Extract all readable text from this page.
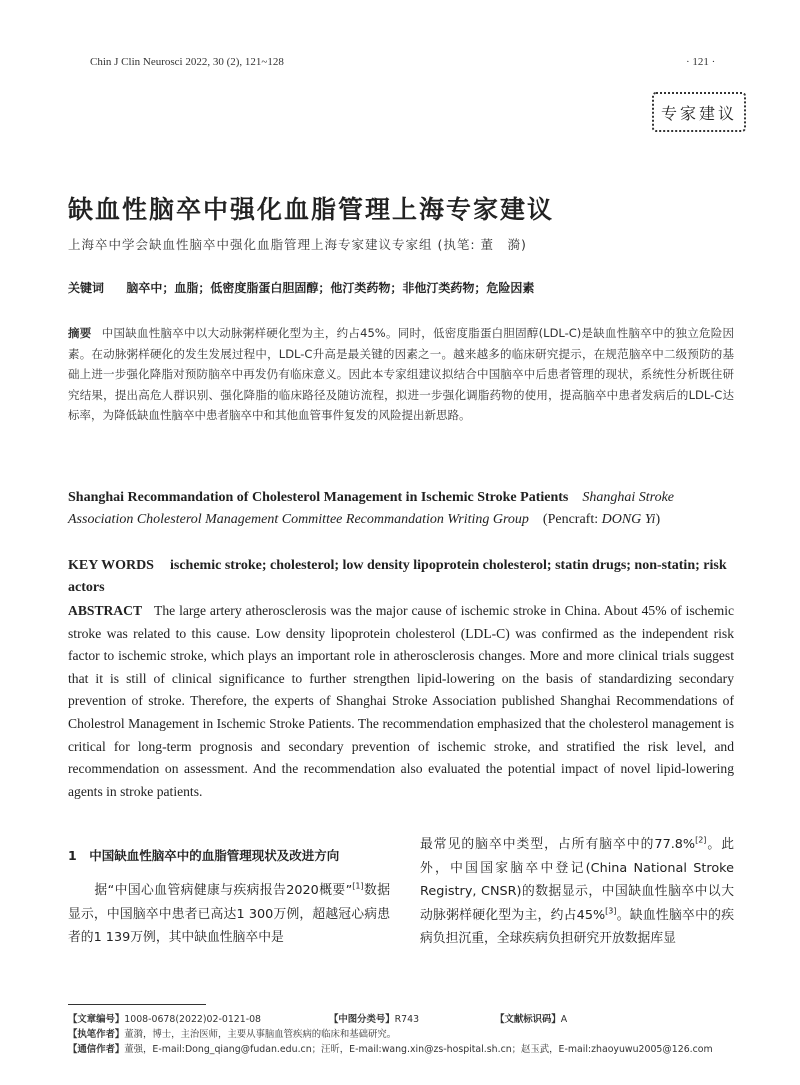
Chin J Clin Neurosci 2022, 30 (2), 121~128	· 121 ·
专家建议
缺血性脑卒中强化血脂管理上海专家建议
上海卒中学会缺血性脑卒中强化血脂管理上海专家建议专家组 (执笔: 董　漪)
关键词 脑卒中；血脂；低密度脂蛋白胆固醇；他汀类药物；非他汀类药物；危险因素
摘要 中国缺血性脑卒中以大动脉粥样硬化型为主，约占45%。同时，低密度脂蛋白胆固醇(LDL-C)是缺血性脑卒中的独立危险因素。在动脉粥样硬化的发生发展过程中，LDL-C升高是最关键的因素之一。越来越多的临床研究提示，在规范脑卒中二级预防的基础上进一步强化降脂对预防脑卒中再发仍有临床意义。因此本专家组建议拟结合中国脑卒中后患者管理的现状，系统性分析既往研究结果，提出高危人群识别、强化降脂的临床路径及随访流程，拟进一步强化调脂药物的使用，提高脑卒中患者发病后的LDL-C达标率，为降低缺血性脑卒中患者脑卒中和其他血管事件复发的风险提出新思路。
Shanghai Recommandation of Cholesterol Management in Ischemic Stroke Patients Shanghai Stroke Association Cholesterol Management Committee Recommandation Writing Group (Pencraft: DONG Yi)
KEY WORDS ischemic stroke; cholesterol; low density lipoprotein cholesterol; statin drugs; non-statin; risk actors
ABSTRACT The large artery atherosclerosis was the major cause of ischemic stroke in China. About 45% of ischemic stroke was related to this cause. Low density lipoprotein cholesterol (LDL-C) was confirmed as the independent risk factor to ischemic stroke, which plays an important role in atherosclerosis changes. More and more clinical trials suggest that it is still of clinical significance to further strengthen lipid-lowering on the basis of standardizing secondary prevention of stroke. Therefore, the experts of Shanghai Stroke Association published Shanghai Recommendations of Cholestrol Management in Ischemic Stroke Patients. The recommendation emphasized that the cholesterol management is critical for long-term prognosis and secondary prevention of ischemic stroke, and stratified the risk level, and recommendation on assessment. And the recommendation also evaluated the potential impact of novel lipid-lowering agents in stroke patients.
1　中国缺血性脑卒中的血脂管理现状及改进方向
　　据“中国心血管病健康与疾病报告2020概要”[1]数据显示，中国脑卒中患者已高达1 300万例，超越冠心病患者的1 139万例，其中缺血性脑卒中是
最常见的脑卒中类型，占所有脑卒中的77.8%[2]。此外，中国国家脑卒中登记(China National Stroke Registry, CNSR)的数据显示，中国缺血性脑卒中以大动脉粥样硬化型为主，约占45%[3]。缺血性脑卒中的疾病负担沉重，全球疾病负担研究开放数据库显
【文章编号】1008-0678(2022)02-0121-08	【中图分类号】R743	【文献标识码】A
【执笔作者】董漪，博士，主治医师，主要从事脑血管疾病的临床和基础研究。
【通信作者】董强，E-mail:Dong_qiang@fudan.edu.cn；汪昕，E-mail:wang.xin@zs-hospital.sh.cn；赵玉武，E-mail:zhaoyuwu2005@126.com
